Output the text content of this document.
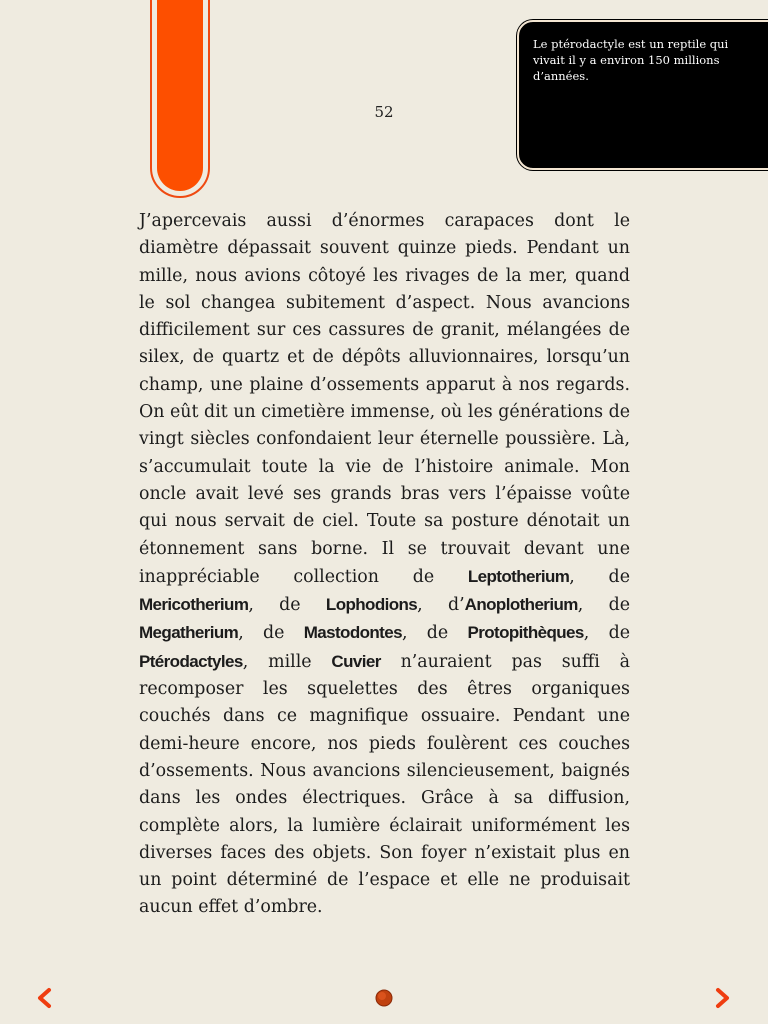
52
Le ptérodactyle est un reptile qui vivait il y a environ 150 millions d’années.

J’apercevais aussi d’énormes carapaces dont le diamètre dépassait souvent quinze pieds. Pendant un mille, nous avions côtoyé les rivages de la mer, quand le sol changea subitement d’aspect. Nous avancions difficilement sur ces cassures de granit, mélangées de silex, de quartz et de dépôts alluvionnaires, lorsqu’un champ, une plaine d’ossements apparut à nos regards. On eût dit un cimetière immense, où les générations de vingt siècles confondaient leur éternelle poussière. Là, s’accumulait toute la vie de l’histoire animale. Mon oncle avait levé ses grands bras vers l’épaisse voûte qui nous servait de ciel. Toute sa posture dénotait un étonnement sans borne. Il se trouvait devant une inappréciable collection de Leptotherium, de Mericotherium, de Lophodions, d’Anoplotherium, de Megatherium, de Mastodontes, de Protopithèques, de Ptérodactyles, mille Cuvier n’auraient pas suffi à recomposer les squelettes des êtres organiques couchés dans ce magnifique ossuaire. Pendant une demi-heure encore, nos pieds foulèrent ces couches d’ossements. Nous avancions silencieusement, baignés dans les ondes électriques. Grâce à sa diffusion, complète alors, la lumière éclairait uniformément les diverses faces des objets. Son foyer n’existait plus en un point déterminé de l’espace et elle ne produisait aucun effet d’ombre.
